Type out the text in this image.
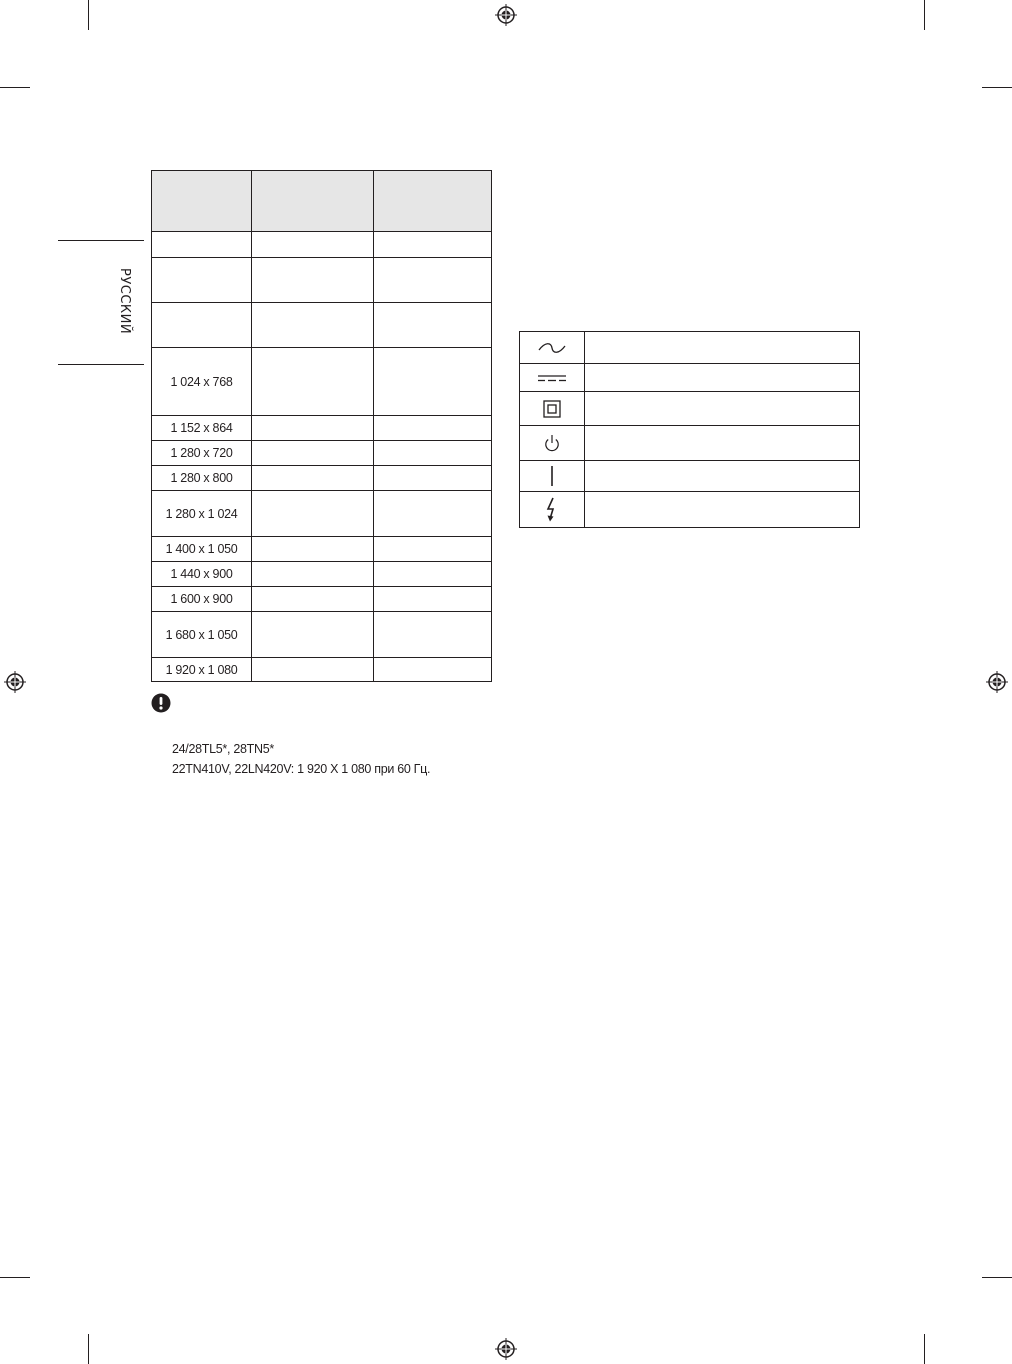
РУССКИЙ

1 024 x 768		
1 152 x 864		
1 280 x 720		
1 280 x 800		
1 280 x 1 024		
1 400 x 1 050		
1 440 x 900		
1 600 x 900		
1 680 x 1 050		
1 920 x 1 080		

24/28TL5*, 28TN5*
22TN410V, 22LN420V: 1 920 X 1 080 при 60 Гц.
